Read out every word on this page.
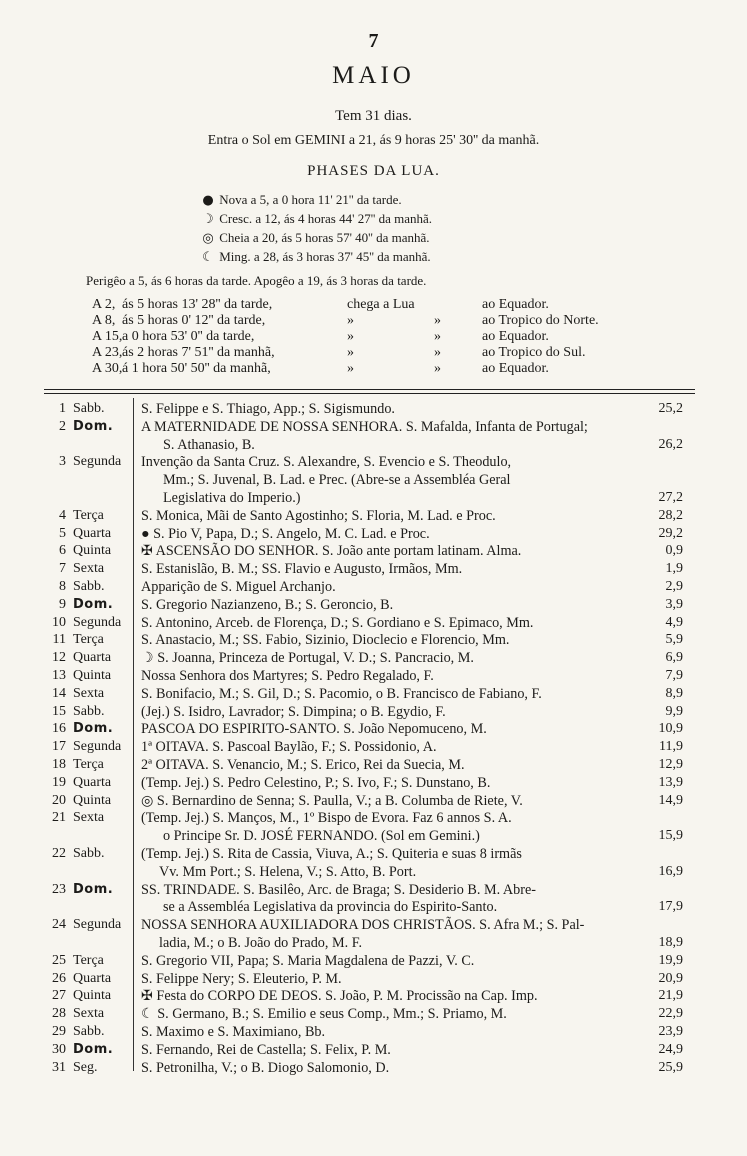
7
MAIO
Tem 31 dias.
Entra o Sol em GEMINI a 21, ás 9 horas 25' 30'' da manhã.
PHASES DA LUA.
● Nova a 5, a 0 hora 11' 21'' da tarde.
☽ Cresc. a 12, ás 4 horas 44' 27'' da manhã.
◎ Cheia a 20, ás 5 horas 57' 40'' da manhã.
☾ Ming. a 28, ás 3 horas 37' 45'' da manhã.
Perigêo a 5, ás 6 horas da tarde. Apogêo a 19, ás 3 horas da tarde.
A 2, ás 5 horas 13' 28'' da tarde,	chega a Lua	ao Equador.
A 8, ás 5 horas 0' 12'' da tarde,	»	»	ao Tropico do Norte.
A 15, a 0 hora 53' 0'' da tarde,	»	»	ao Equador.
A 23, ás 2 horas 7' 51'' da manhã,	»	»	ao Tropico do Sul.
A 30, á 1 hora 50' 50'' da manhã,	»	»	ao Equador.
1 Sabb.	S. Felippe e S. Thiago, App.; S. Sigismundo.	25,2
2 Dom. A MATERNIDADE DE NOSSA SENHORA. S. Mafalda, Infanta de Portugal;
S. Athanasio, B.	26,2
3 Segunda Invenção da Santa Cruz. S. Alexandre, S. Evencio e S. Theodulo,
Mm.; S. Juvenal, B. Lad. e Prec. (Abre-se a Assembléa Geral
Legislativa do Imperio.)	27,2
4 Terça	S. Monica, Mãi de Santo Agostinho; S. Floria, M. Lad. e Proc.	28,2
5 Quarta ● S. Pio V, Papa, D.; S. Angelo, M. C. Lad. e Proc.	29,2
6 Quinta ✠ ASCENSÃO DO SENHOR. S. João ante portam latinam. Alma.	0,9
7 Sexta	S. Estanislão, B. M.; SS. Flavio e Augusto, Irmãos, Mm.	1,9
8 Sabb.	Apparição de S. Miguel Archanjo.	2,9
9 Dom. S. Gregorio Nazianzeno, B.; S. Geroncio, B.	3,9
10 Segunda S. Antonino, Arceb. de Florença, D.; S. Gordiano e S. Epimaco, Mm.	4,9
11 Terça	S. Anastacio, M.; SS. Fabio, Sizinio, Dioclecio e Florencio, Mm.	5,9
12 Quarta ☽ S. Joanna, Princeza de Portugal, V. D.; S. Pancracio, M.	6,9
13 Quinta Nossa Senhora dos Martyres; S. Pedro Regalado, F.	7,9
14 Sexta	S. Bonifacio, M.; S. Gil, D.; S. Pacomio, o B. Francisco de Fabiano, F.	8,9
15 Sabb.	(Jej.) S. Isidro, Lavrador; S. Dimpina; o B. Egydio, F.	9,9
16 Dom. PASCOA DO ESPIRITO-SANTO. S. João Nepomuceno, M.	10,9
17 Segunda 1ª OITAVA. S. Pascoal Baylão, F.; S. Possidonio, A.	11,9
18 Terça	2ª OITAVA. S. Venancio, M.; S. Erico, Rei da Suecia, M.	12,9
19 Quarta (Temp. Jej.) S. Pedro Celestino, P.; S. Ivo, F.; S. Dunstano, B.	13,9
20 Quinta ◎ S. Bernardino de Senna; S. Paulla, V.; a B. Columba de Riete, V.	14,9
21 Sexta	(Temp. Jej.) S. Manços, M., 1º Bispo de Evora. Faz 6 annos S. A.
o Principe Sr. D. JOSÉ FERNANDO. (Sol em Gemini.)	15,9
22 Sabb.	(Temp. Jej.) S. Rita de Cassia, Viuva, A.; S. Quiteria e suas 8 irmãs
Vv. Mm Port.; S. Helena, V.; S. Atto, B. Port.	16,9
23 Dom. SS. TRINDADE. S. Basilêo, Arc. de Braga; S. Desiderio B. M. Abre-
se a Assembléa Legislativa da provincia do Espirito-Santo.	17,9
24 Segunda NOSSA SENHORA AUXILIADORA DOS CHRISTÃOS. S. Afra M.; S. Pal-
ladia, M.; o B. João do Prado, M. F.	18,9
25 Terça	S. Gregorio VII, Papa; S. Maria Magdalena de Pazzi, V. C.	19,9
26 Quarta S. Felippe Nery; S. Eleuterio, P. M.	20,9
27 Quinta ✠ Festa do CORPO DE DEOS. S. João, P. M. Procissão na Cap. Imp.	21,9
28 Sexta	☾ S. Germano, B.; S. Emilio e seus Comp., Mm.; S. Priamo, M.	22,9
29 Sabb.	S. Maximo e S. Maximiano, Bb.	23,9
30 Dom. S. Fernando, Rei de Castella; S. Felix, P. M.	24,9
31 Seg.	S. Petronilha, V.; o B. Diogo Salomonio, D.	25,9
